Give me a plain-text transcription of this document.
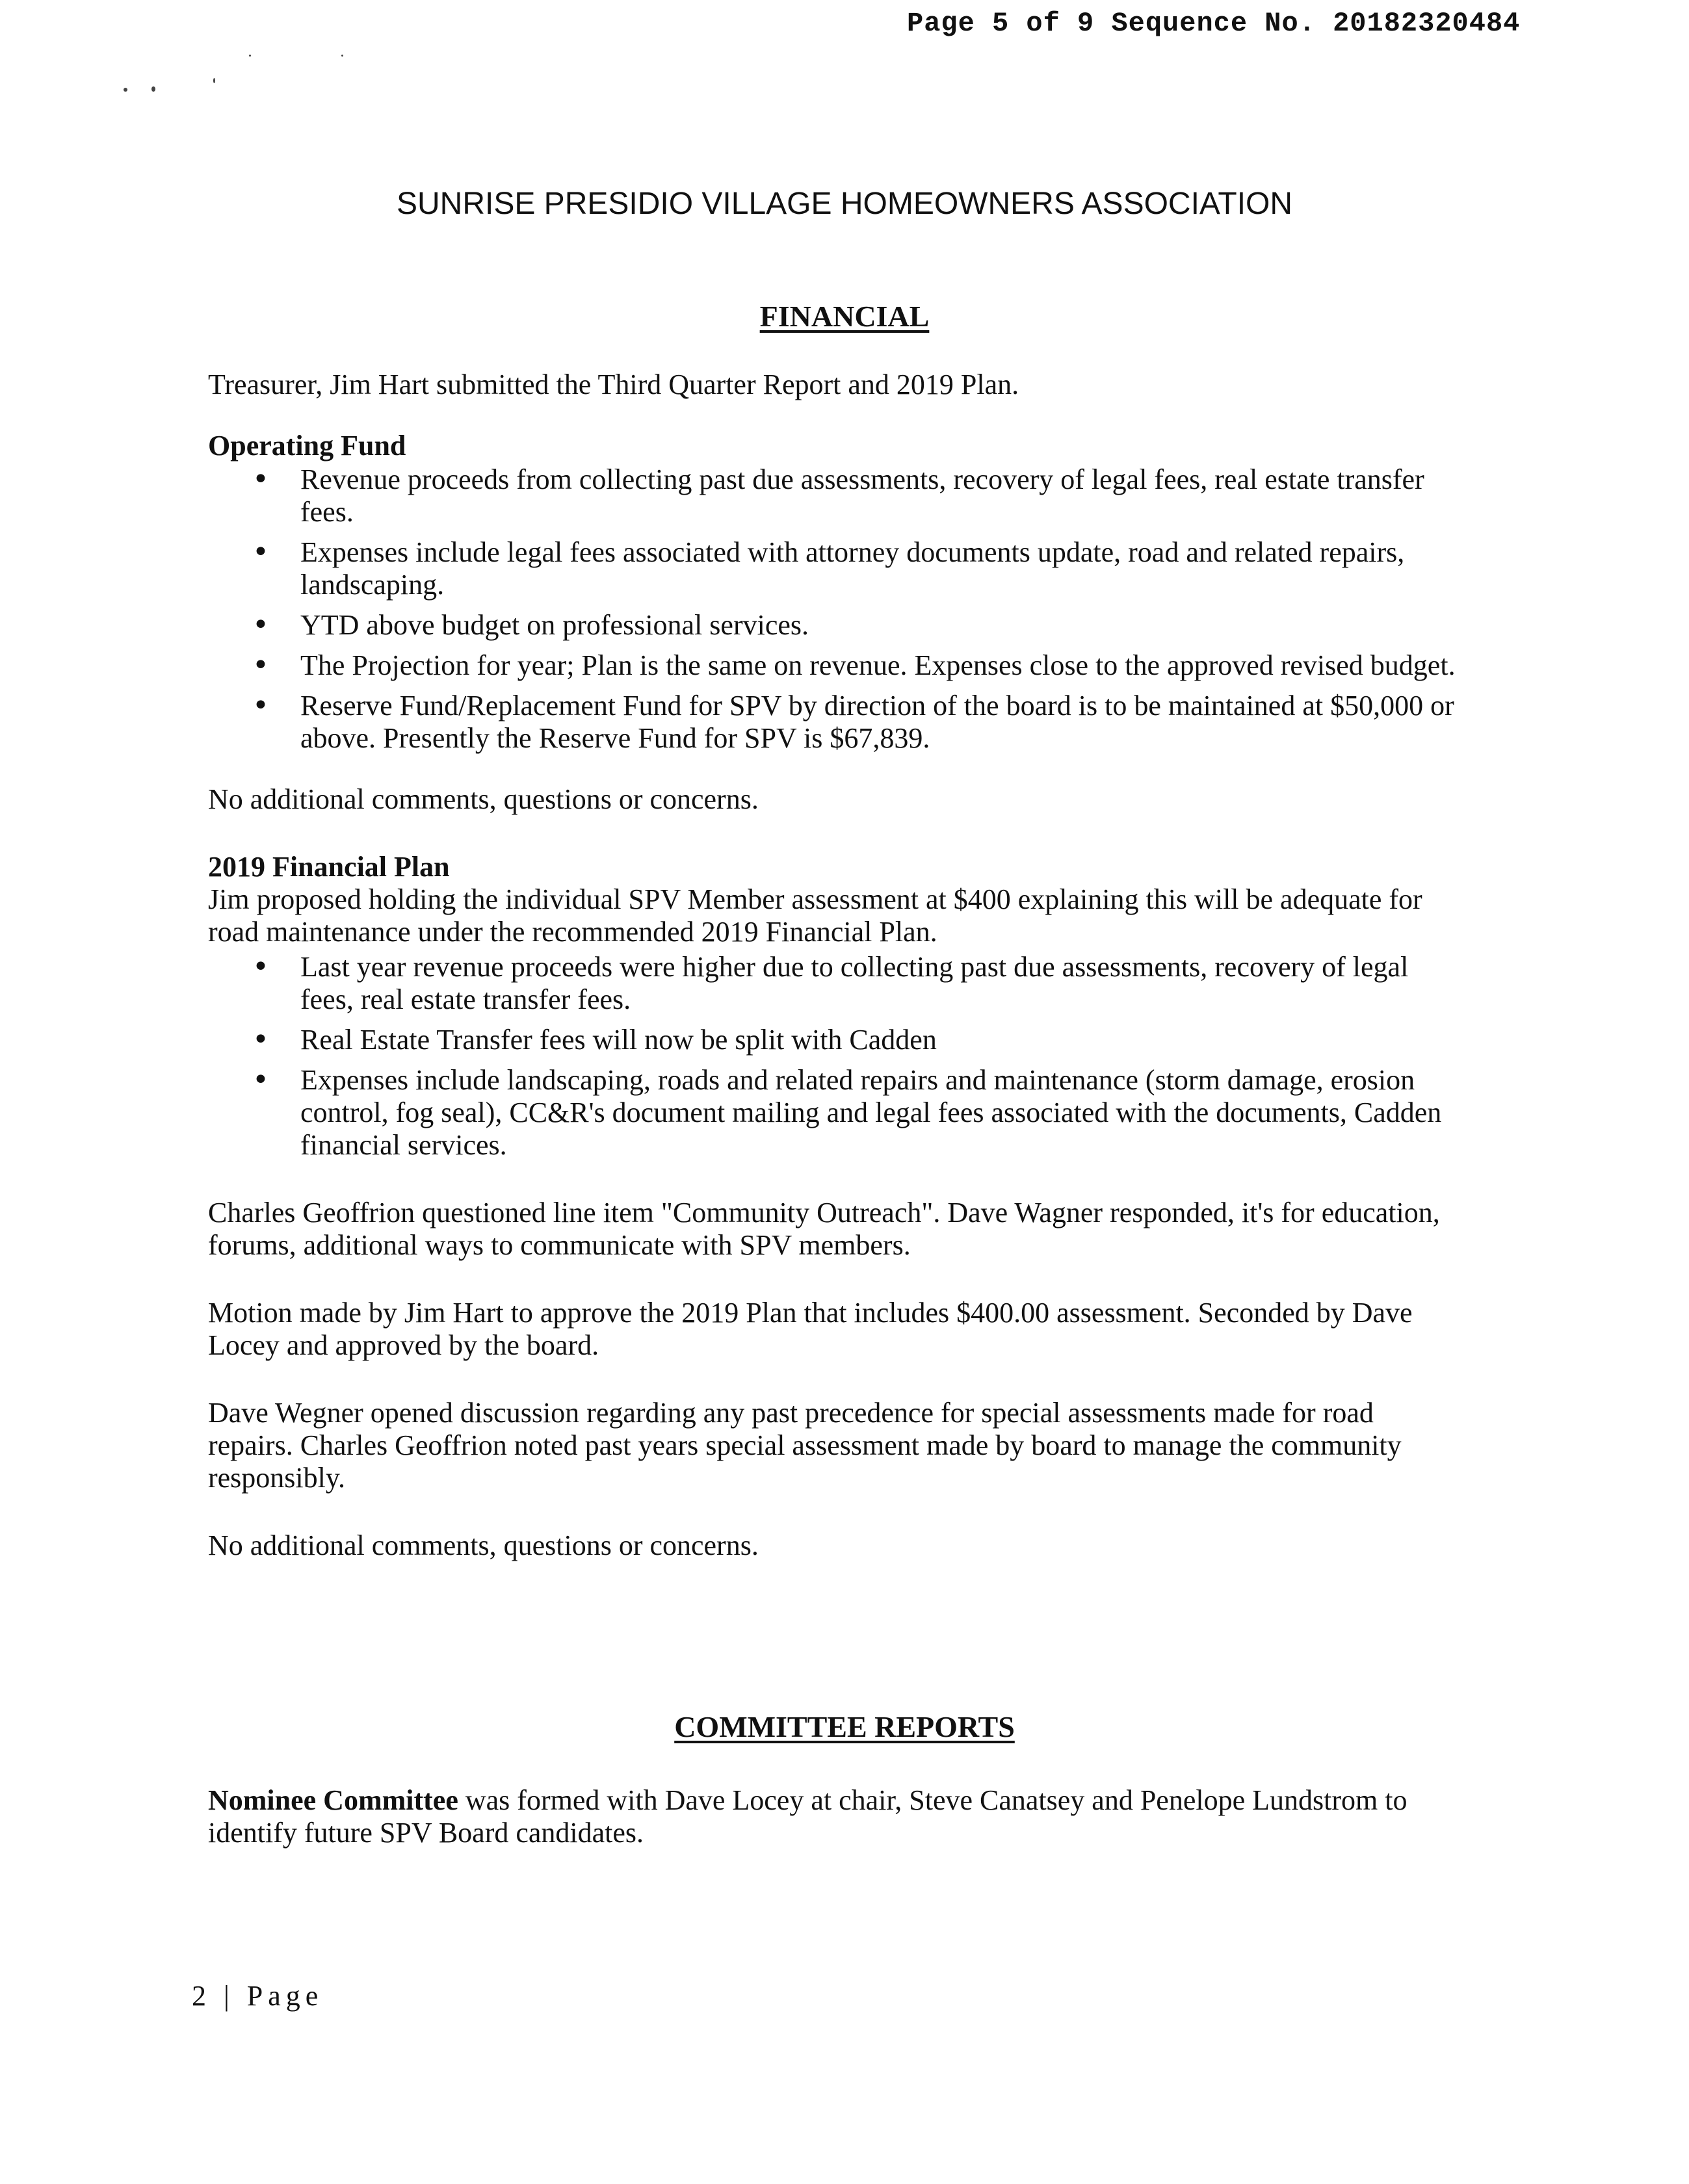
Page 5 of 9 Sequence No. 20182320484
SUNRISE PRESIDIO VILLAGE HOMEOWNERS ASSOCIATION
FINANCIAL

Treasurer, Jim Hart submitted the Third Quarter Report and 2019 Plan.

Operating Fund

• Revenue proceeds from collecting past due assessments, recovery of legal fees, real estate transfer fees.
• Expenses include legal fees associated with attorney documents update, road and related repairs, landscaping.
• YTD above budget on professional services.
• The Projection for year; Plan is the same on revenue. Expenses close to the approved revised budget.
• Reserve Fund/Replacement Fund for SPV by direction of the board is to be maintained at $50,000 or above. Presently the Reserve Fund for SPV is $67,839.

No additional comments, questions or concerns.

2019 Financial Plan

Jim proposed holding the individual SPV Member assessment at $400 explaining this will be adequate for road maintenance under the recommended 2019 Financial Plan.

• Last year revenue proceeds were higher due to collecting past due assessments, recovery of legal fees, real estate transfer fees.
• Real Estate Transfer fees will now be split with Cadden
• Expenses include landscaping, roads and related repairs and maintenance (storm damage, erosion control, fog seal), CC&R's document mailing and legal fees associated with the documents, Cadden financial services.

Charles Geoffrion questioned line item "Community Outreach". Dave Wagner responded, it's for education, forums, additional ways to communicate with SPV members.

Motion made by Jim Hart to approve the 2019 Plan that includes $400.00 assessment. Seconded by Dave Locey and approved by the board.

Dave Wegner opened discussion regarding any past precedence for special assessments made for road repairs. Charles Geoffrion noted past years special assessment made by board to manage the community responsibly.

No additional comments, questions or concerns.

COMMITTEE REPORTS

Nominee Committee was formed with Dave Locey at chair, Steve Canatsey and Penelope Lundstrom to identify future SPV Board candidates.

2 | Page
